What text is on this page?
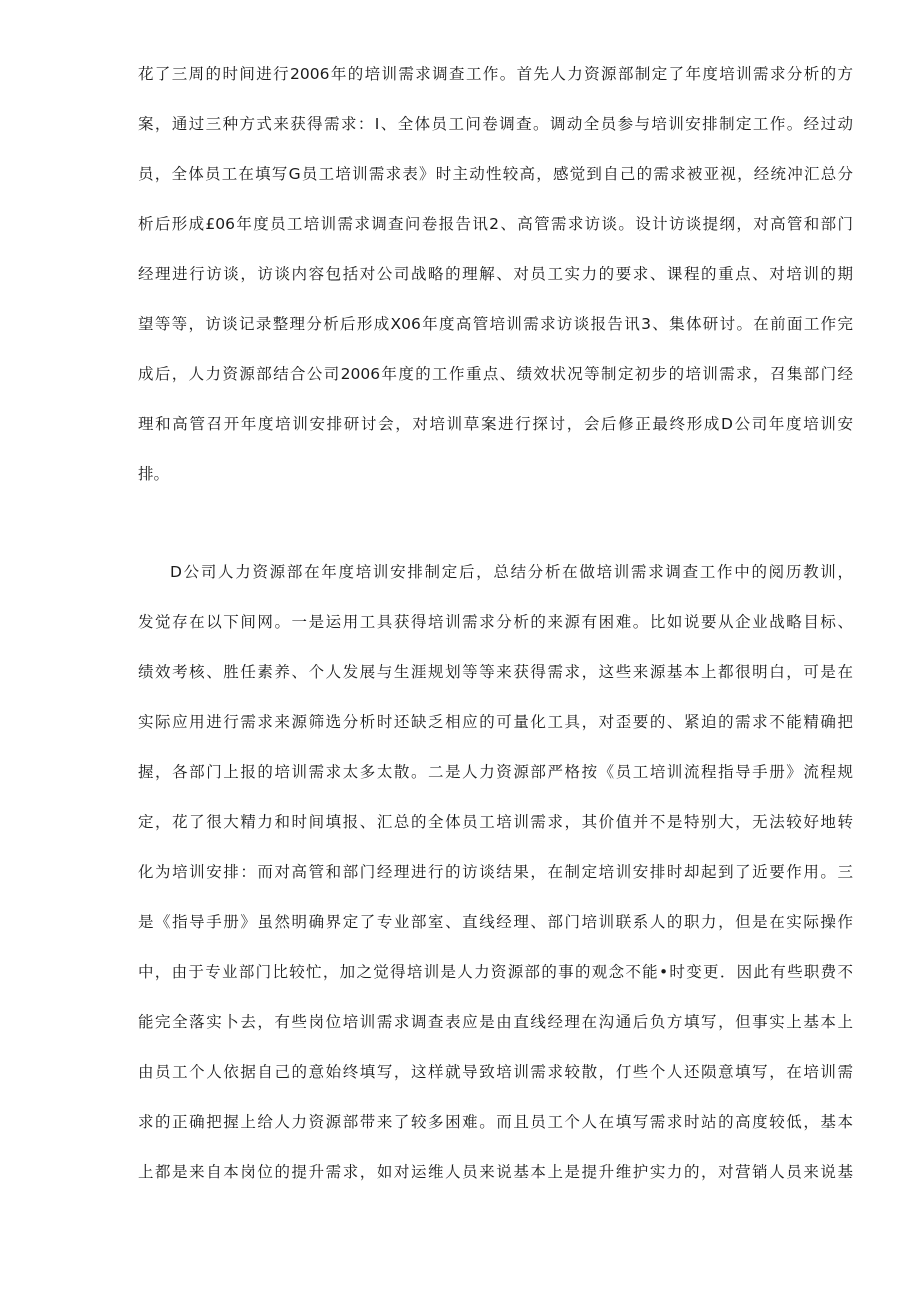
花了三周的时间进行2006年的培训需求调查工作。首先人力资源部制定了年度培训需求分析的方
案，通过三种方式来获得需求：I、全体员工问卷调查。调动全员参与培训安排制定工作。经过动
员，全体员工在填写G员工培训需求表》时主动性较高，感觉到自己的需求被亚视，经统冲汇总分
析后形成£06年度员工培训需求调查问卷报告讯2、高管需求访谈。设计访谈提纲，对高管和部门
经理进行访谈，访谈内容包括对公司战略的理解、对员工实力的要求、课程的重点、对培训的期
望等等，访谈记录整理分析后形成X06年度高管培训需求访谈报告讯3、集体研讨。在前面工作完
成后，人力资源部结合公司2006年度的工作重点、绩效状况等制定初步的培训需求，召集部门经
理和高管召开年度培训安排研讨会，对培训草案进行探讨，会后修正最终形成D公司年度培训安
排。
D公司人力资源部在年度培训安排制定后，总结分析在做培训需求调查工作中的阅历教训，
发觉存在以下间网。一是运用工具获得培训需求分析的来源有困难。比如说要从企业战略目标、
绩效考核、胜任素养、个人发展与生涯规划等等来获得需求，这些来源基本上都很明白，可是在
实际应用进行需求来源筛选分析时还缺乏相应的可量化工具，对歪要的、紧迫的需求不能精确把
握，各部门上报的培训需求太多太散。二是人力资源部严格按《员工培训流程指导手册》流程规
定，花了很大精力和时间填报、汇总的全体员工培训需求，其价值并不是特别大，无法较好地转
化为培训安排：而对高管和部门经理进行的访谈结果，在制定培训安排时却起到了近要作用。三
是《指导手册》虽然明确界定了专业部室、直线经理、部门培训联系人的职力，但是在实际操作
中，由于专业部门比较忙，加之觉得培训是人力资源部的事的观念不能•时变更．因此有些职费不
能完全落实卜去，有些岗位培训需求调查表应是由直线经理在沟通后负方填写，但事实上基本上
由员工个人依据自己的意始终填写，这样就导致培训需求较散，仃些个人还陨意填写，在培训需
求的正确把握上给人力资源部带来了较多困难。而且员工个人在填写需求时站的高度较低，基本
上都是来自本岗位的提升需求，如对运维人员来说基本上是提升维护实力的，对营销人员来说基
